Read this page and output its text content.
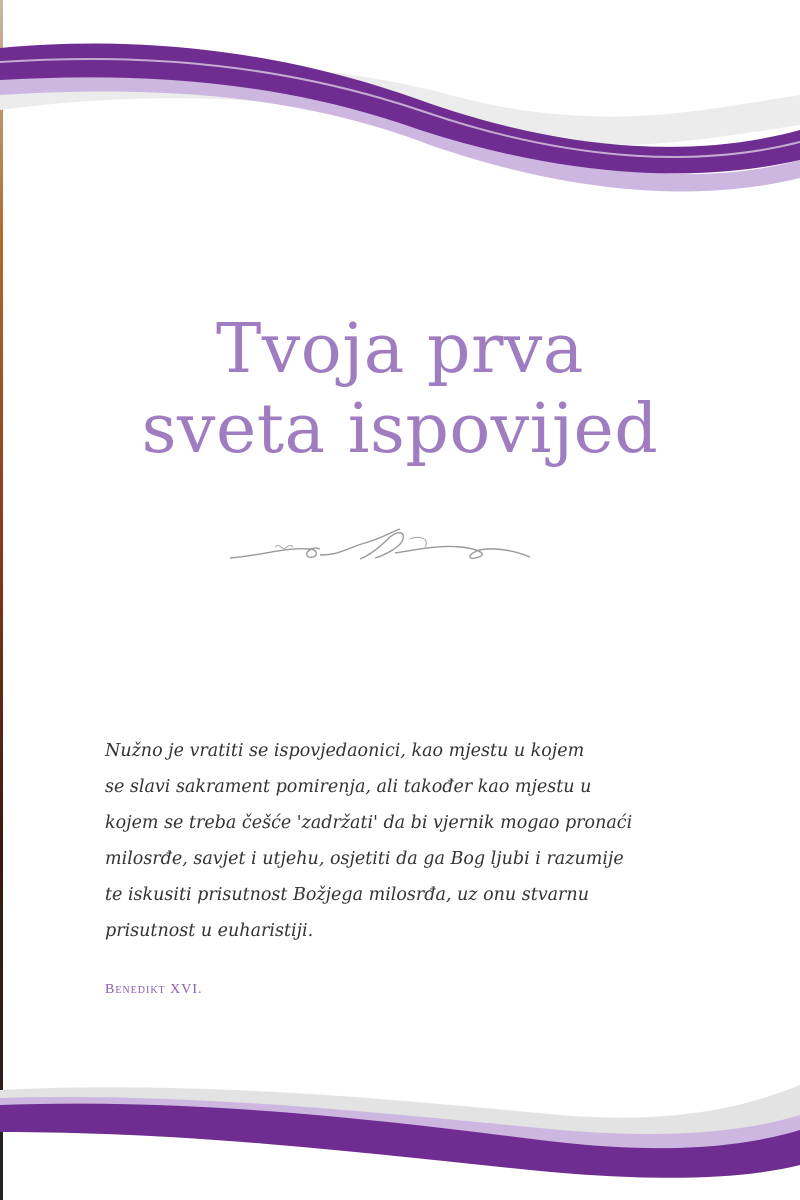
Tvoja prva
sveta ispovijed
Nužno je vratiti se ispovjedaonici, kao mjestu u kojem
se slavi sakrament pomirenja, ali također kao mjestu u
kojem se treba češće 'zadržati' da bi vjernik mogao pronaći
milosrđe, savjet i utjehu, osjetiti da ga Bog ljubi i razumije
te iskusiti prisutnost Božjega milosrđa, uz onu stvarnu
prisutnost u euharistiji.
Benedikt XVI.
